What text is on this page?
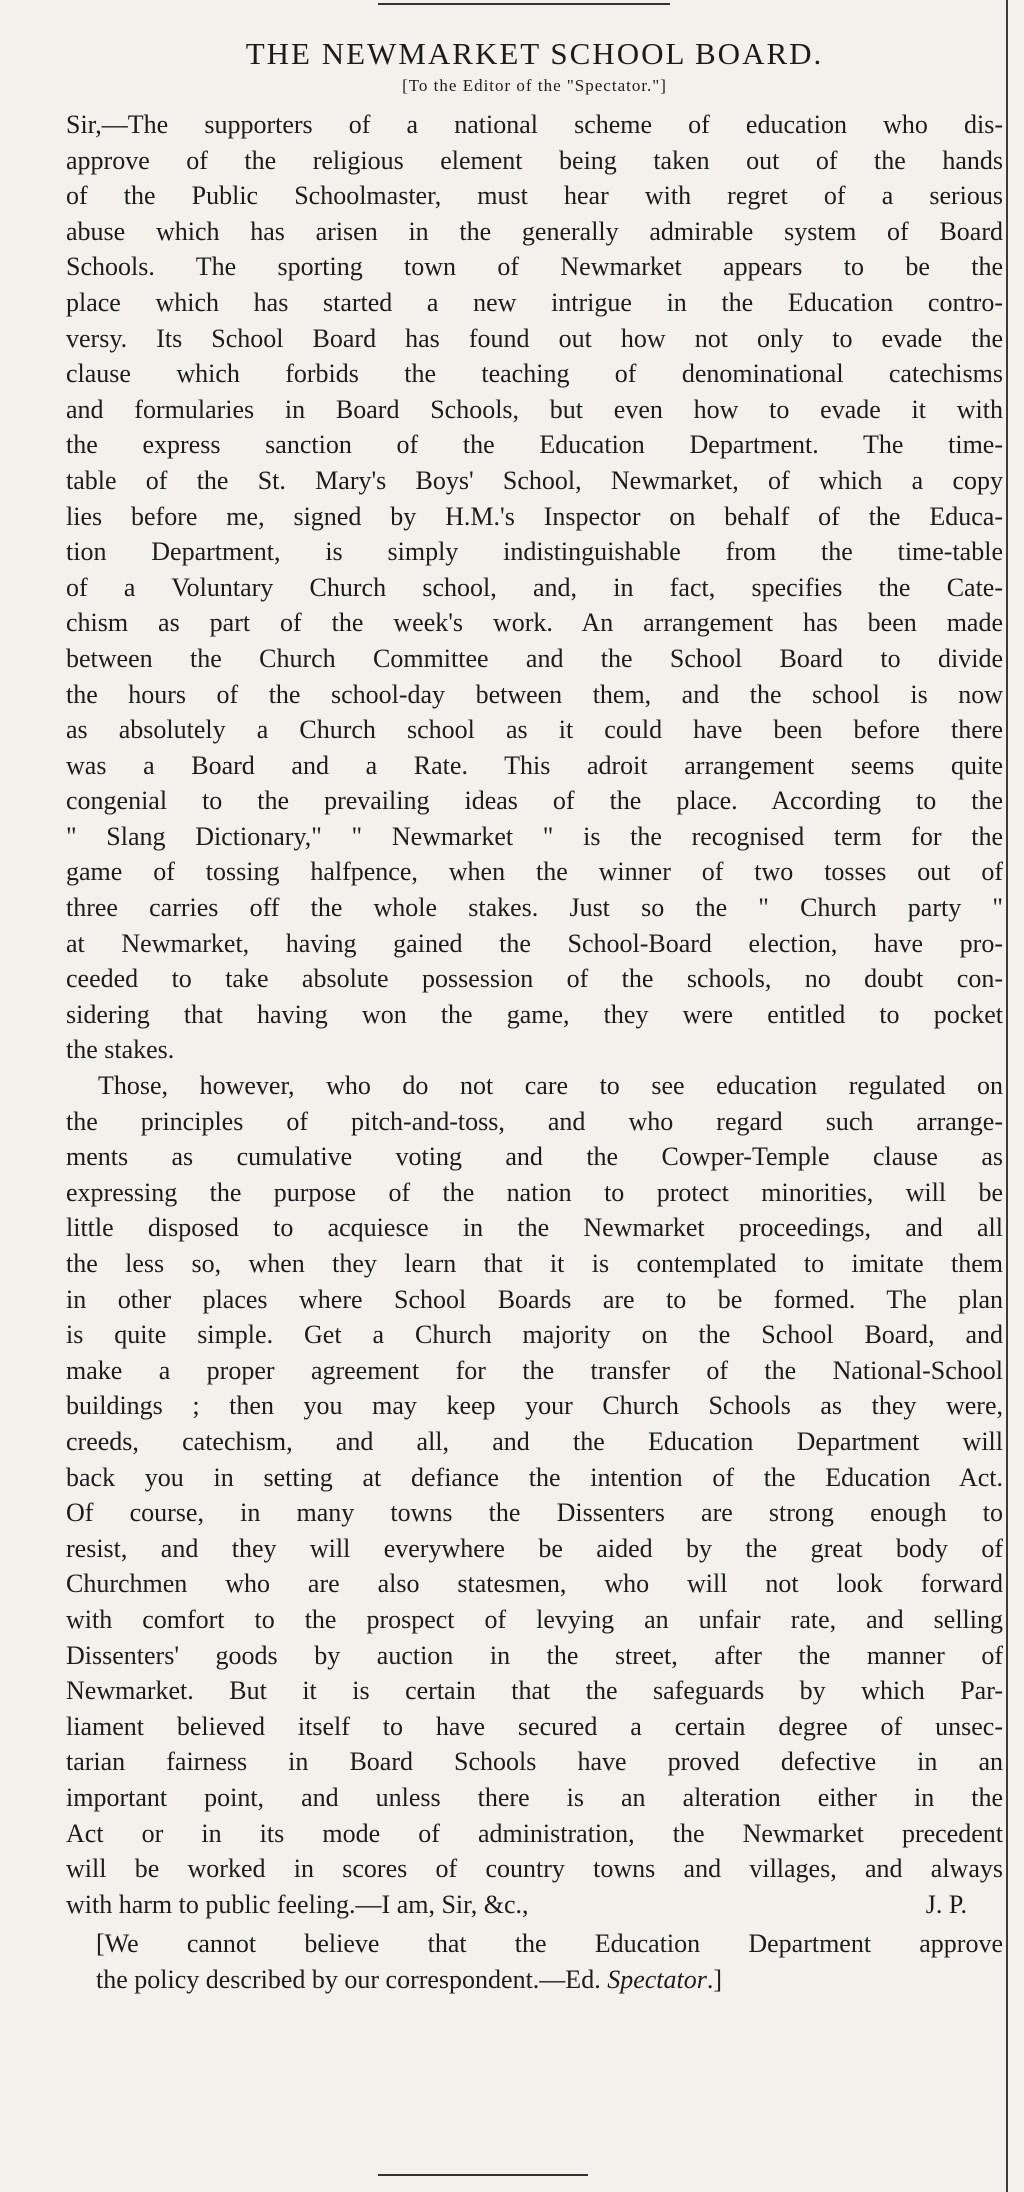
THE NEWMARKET SCHOOL BOARD.
[To the Editor of the "Spectator."]
Sir,—The supporters of a national scheme of education who dis-
approve of the religious element being taken out of the hands
of the Public Schoolmaster, must hear with regret of a serious
abuse which has arisen in the generally admirable system of Board
Schools. The sporting town of Newmarket appears to be the
place which has started a new intrigue in the Education contro-
versy. Its School Board has found out how not only to evade the
clause which forbids the teaching of denominational catechisms
and formularies in Board Schools, but even how to evade it with
the express sanction of the Education Department. The time-
table of the St. Mary's Boys' School, Newmarket, of which a copy
lies before me, signed by H.M.'s Inspector on behalf of the Educa-
tion Department, is simply indistinguishable from the time-table
of a Voluntary Church school, and, in fact, specifies the Cate-
chism as part of the week's work. An arrangement has been made
between the Church Committee and the School Board to divide
the hours of the school-day between them, and the school is now
as absolutely a Church school as it could have been before there
was a Board and a Rate. This adroit arrangement seems quite
congenial to the prevailing ideas of the place. According to the
" Slang Dictionary," " Newmarket " is the recognised term for the
game of tossing halfpence, when the winner of two tosses out of
three carries off the whole stakes. Just so the " Church party "
at Newmarket, having gained the School-Board election, have pro-
ceeded to take absolute possession of the schools, no doubt con-
sidering that having won the game, they were entitled to pocket
the stakes.
Those, however, who do not care to see education regulated on
the principles of pitch-and-toss, and who regard such arrange-
ments as cumulative voting and the Cowper-Temple clause as
expressing the purpose of the nation to protect minorities, will be
little disposed to acquiesce in the Newmarket proceedings, and all
the less so, when they learn that it is contemplated to imitate them
in other places where School Boards are to be formed. The plan
is quite simple. Get a Church majority on the School Board, and
make a proper agreement for the transfer of the National-School
buildings ; then you may keep your Church Schools as they were,
creeds, catechism, and all, and the Education Department will
back you in setting at defiance the intention of the Education Act.
Of course, in many towns the Dissenters are strong enough to
resist, and they will everywhere be aided by the great body of
Churchmen who are also statesmen, who will not look forward
with comfort to the prospect of levying an unfair rate, and selling
Dissenters' goods by auction in the street, after the manner of
Newmarket. But it is certain that the safeguards by which Par-
liament believed itself to have secured a certain degree of unsec-
tarian fairness in Board Schools have proved defective in an
important point, and unless there is an alteration either in the
Act or in its mode of administration, the Newmarket precedent
will be worked in scores of country towns and villages, and always
with harm to public feeling.—I am, Sir, &c.,	J. P.
[We cannot believe that the Education Department approve
the policy described by our correspondent.—Ed. Spectator.]
